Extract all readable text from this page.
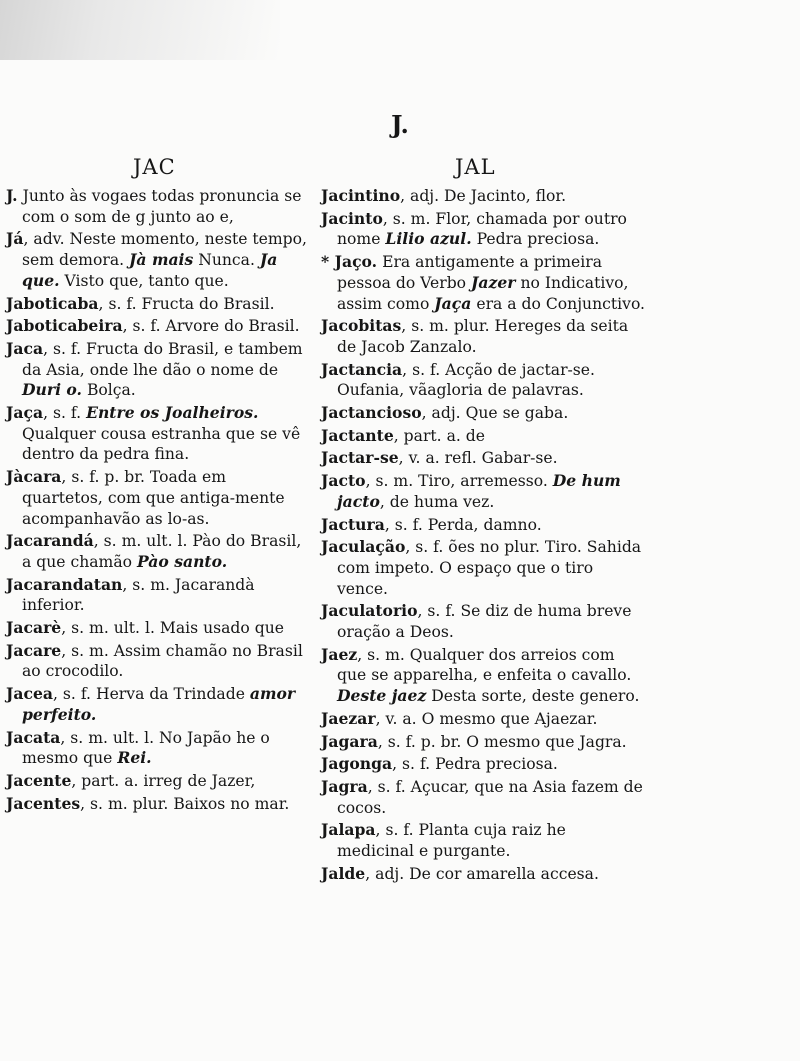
J.
JAC	JAL
J. Junto às vogaes todas pronuncia se com o som de g junto ao e,
Já, adv. Neste momento, neste tempo, sem demora. Jà mais Nunca. Ja que. Visto que, tanto que.
Jaboticaba, s. f. Fructa do Brasil.
Jaboticabeira, s. f. Arvore do Brasil.
Jaca, s. f. Fructa do Brasil, e tambem da Asia, onde lhe dão o nome de Duri o. Bolça.
Jaça, s. f. Entre os Joalheiros. Qualquer cousa estranha que se vê dentro da pedra fina.
Jàcara, s. f. p. br. Toada em quartetos, com que antiga-mente acompanhavão as lo-as.
Jacarandá, s. m. ult. l. Pào do Brasil, a que chamão Pào santo.
Jacarandatan, s. m. Jacarandà inferior.
Jacarè, s. m. ult. l. Mais usado que
Jacare, s. m. Assim chamão no Brasil ao crocodilo.
Jacea, s. f. Herva da Trindade amor perfeito.
Jacata, s. m. ult. l. No Japão he o mesmo que Rei.
Jacente, part. a. irreg de Jazer,
Jacentes, s. m. plur. Baixos no mar.
Jacintino, adj. De Jacinto, flor.
Jacinto, s. m. Flor, chamada por outro nome Lilio azul. Pedra preciosa.
* Jaço. Era antigamente a primeira pessoa do Verbo Jazer no Indicativo, assim como Jaça era a do Conjunctivo.
Jacobitas, s. m. plur. Hereges da seita de Jacob Zanzalo.
Jactancia, s. f. Acção de jactar-se. Oufania, vãagloria de palavras.
Jactancioso, adj. Que se gaba.
Jactante, part. a. de
Jactar-se, v. a. refl. Gabar-se.
Jacto, s. m. Tiro, arremesso. De hum jacto, de huma vez.
Jactura, s. f. Perda, damno.
Jaculação, s. f. ões no plur. Tiro. Sahida com impeto. O espaço que o tiro vence.
Jaculatorio, s. f. Se diz de huma breve oração a Deos.
Jaez, s. m. Qualquer dos arreios com que se apparelha, e enfeita o cavallo. Deste jaez Desta sorte, deste genero.
Jaezar, v. a. O mesmo que Ajaezar.
Jagara, s. f. p. br. O mesmo que Jagra.
Jagonga, s. f. Pedra preciosa.
Jagra, s. f. Açucar, que na Asia fazem de cocos.
Jalapa, s. f. Planta cuja raiz he medicinal e purgante.
Jalde, adj. De cor amarella accesa.
